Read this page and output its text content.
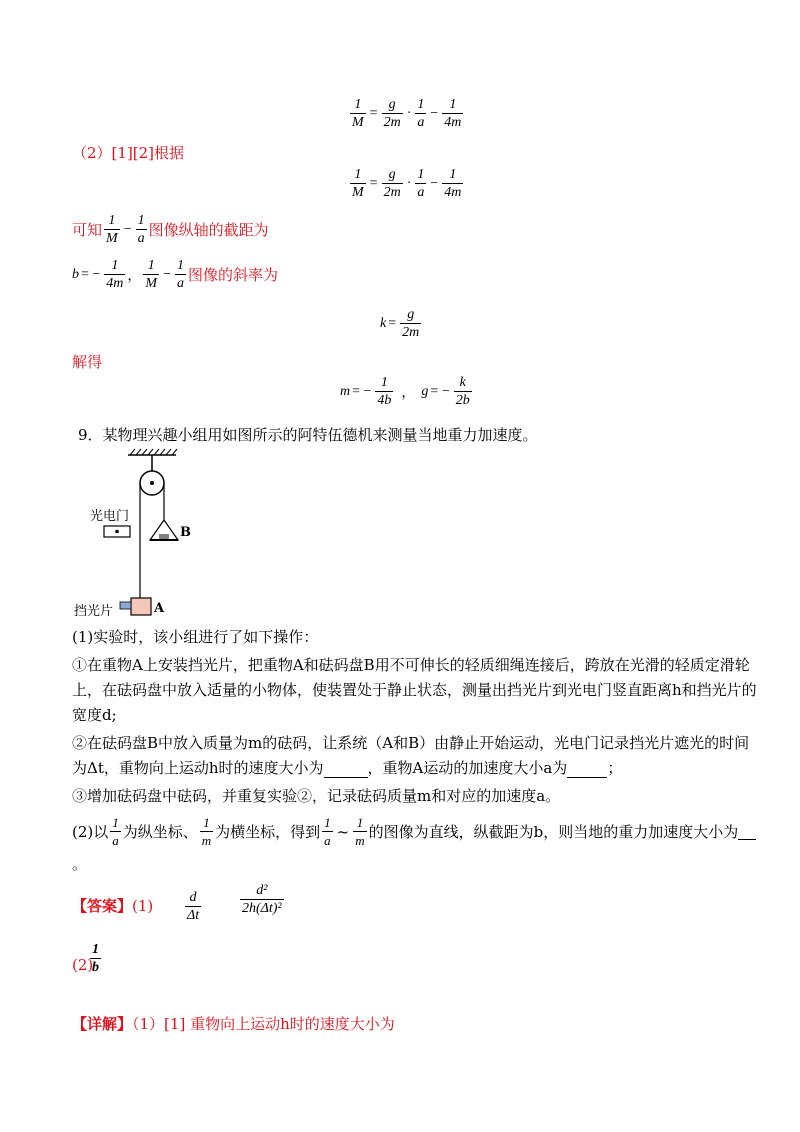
$\frac{1}{M} = \frac{g}{2m} \cdot \frac{1}{a} - \frac{1}{4m}$
（2）[1][2]根据
$\frac{1}{M} = \frac{g}{2m} \cdot \frac{1}{a} - \frac{1}{4m}$
可知 $\frac{1}{M} - \frac{1}{a}$ 图像纵轴的截距为
b = − $\frac{1}{4m}$ ， $\frac{1}{M} - \frac{1}{a}$ 图像的斜率为
$k = \frac{g}{2m}$
解得
m = − $\frac{1}{4b}$ ， g = − $\frac{k}{2b}$
9．某物理兴趣小组用如图所示的阿特伍德机来测量当地重力加速度。
光电门
B
挡光片	A
(1)实验时，该小组进行了如下操作：
①在重物A上安装挡光片，把重物A和砝码盘B用不可伸长的轻质细绳连接后，跨放在光滑的轻质定滑轮
上，在砝码盘中放入适量的小物体，使装置处于静止状态，测量出挡光片到光电门竖直距离h和挡光片的
宽度d;
②在砝码盘B中放入质量为m的砝码，让系统（A和B）由静止开始运动，光电门记录挡光片遮光的时间
为Δt，重物向上运动h时的速度大小为	，重物A运动的加速度大小a为	；
③增加砝码盘中砝码，并重复实验②，记录砝码质量m和对应的加速度a。
(2)以 $\frac{1}{a}$ 为纵坐标、 $\frac{1}{m}$ 为横坐标，得到 $\frac{1}{a}$ ~ $\frac{1}{m}$ 的图像为直线，纵截距为b，则当地的重力加速度大小为
。
【答案】$(1) \frac{d}{\Delta t}$	$\frac{\text{d²}}{\text{2h(Δt)²}}$
(2)
$\frac{1}{b}$
【详解】（1）[1] 重物向上运动h时的速度大小为
